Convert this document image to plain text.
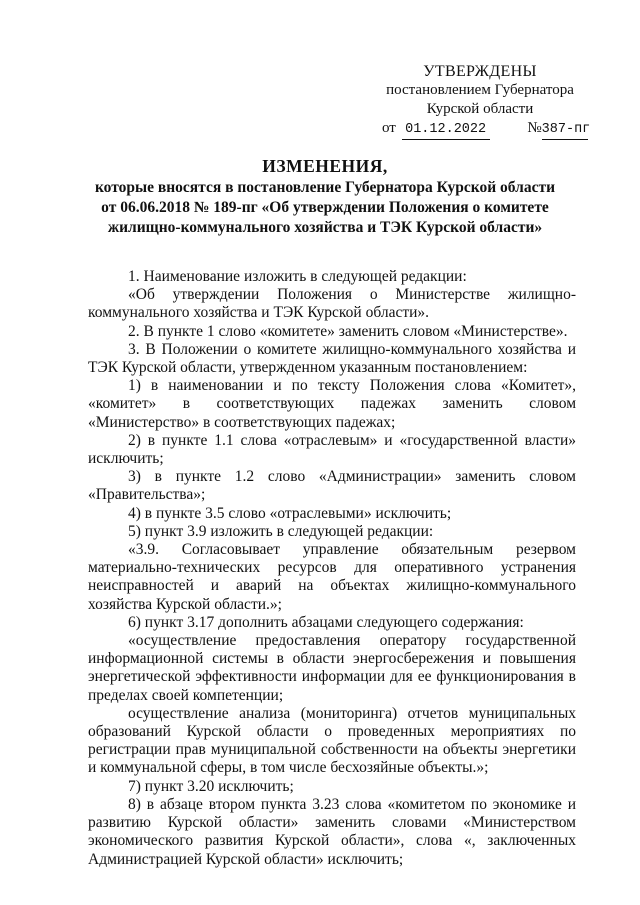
УТВЕРЖДЕНЫ
постановлением Губернатора
Курской области
от 01.12.2022	№387-пг
ИЗМЕНЕНИЯ,
которые вносятся в постановление Губернатора Курской области
от 06.06.2018 № 189-пг «Об утверждении Положения о комитете
жилищно-коммунального хозяйства и ТЭК Курской области»

1. Наименование изложить в следующей редакции:

«Об утверждении Положения о Министерстве жилищно-коммунального хозяйства и ТЭК Курской области».

2. В пункте 1 слово «комитете» заменить словом «Министерстве».

3. В Положении о комитете жилищно-коммунального хозяйства и ТЭК Курской области, утвержденном указанным постановлением:

1) в наименовании и по тексту Положения слова «Комитет», «комитет» в соответствующих падежах заменить словом «Министерство» в соответствующих падежах;

2) в пункте 1.1 слова «отраслевым» и «государственной власти» исключить;

3) в пункте 1.2 слово «Администрации» заменить словом «Правительства»;

4) в пункте 3.5 слово «отраслевыми» исключить;

5) пункт 3.9 изложить в следующей редакции:

«3.9. Согласовывает управление обязательным резервом материально-технических ресурсов для оперативного устранения неисправностей и аварий на объектах жилищно-коммунального хозяйства Курской области.»;

6) пункт 3.17 дополнить абзацами следующего содержания:

«осуществление предоставления оператору государственной информационной системы в области энергосбережения и повышения энергетической эффективности информации для ее функционирования в пределах своей компетенции;

осуществление анализа (мониторинга) отчетов муниципальных образований Курской области о проведенных мероприятиях по регистрации прав муниципальной собственности на объекты энергетики и коммунальной сферы, в том числе бесхозяйные объекты.»;

7) пункт 3.20 исключить;

8) в абзаце втором пункта 3.23 слова «комитетом по экономике и развитию Курской области» заменить словами «Министерством экономического развития Курской области», слова «, заключенных Администрацией Курской области» исключить;
